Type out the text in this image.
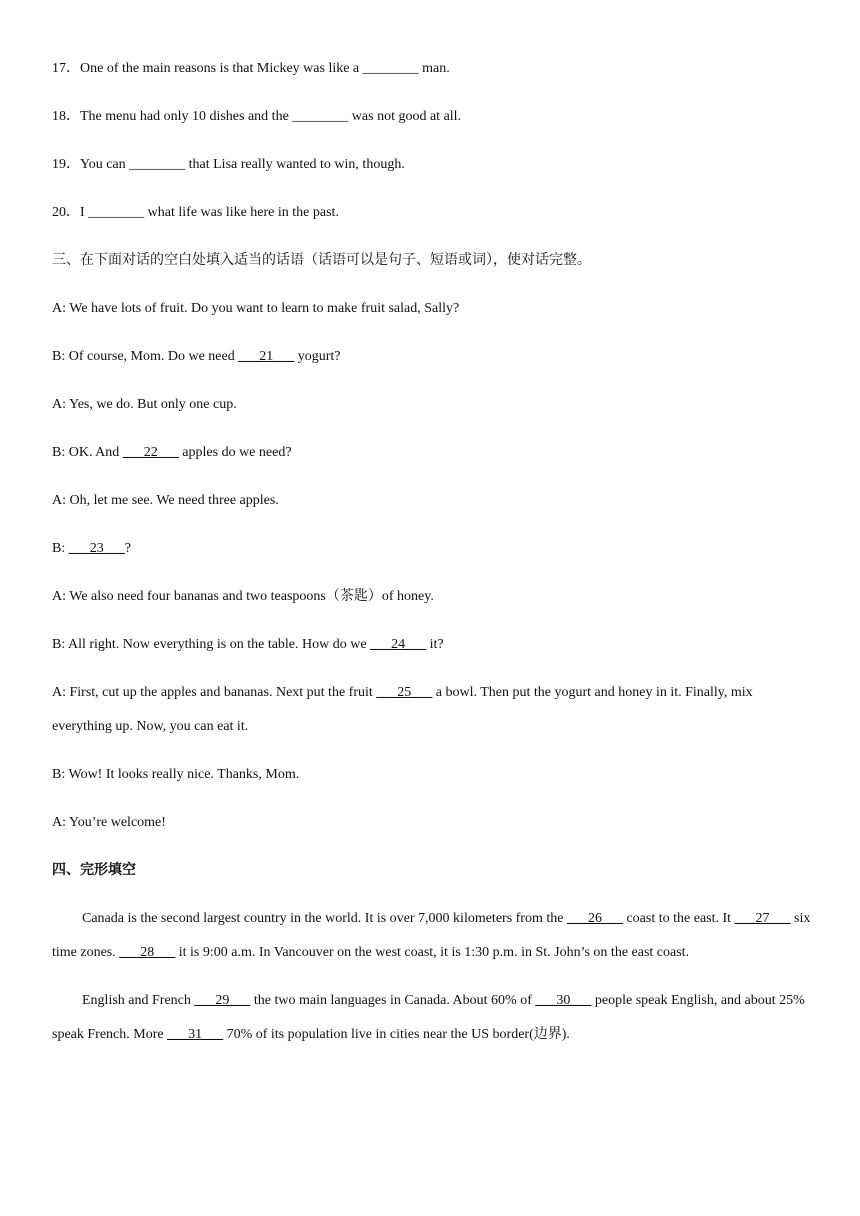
17．One of the main reasons is that Mickey was like a ________ man.
18．The menu had only 10 dishes and the ________ was not good at all.
19．You can ________ that Lisa really wanted to win, though.
20．I ________ what life was like here in the past.
三、在下面对话的空白处填入适当的话语（话语可以是句子、短语或词），使对话完整。
A: We have lots of fruit. Do you want to learn to make fruit salad, Sally?
B: Of course, Mom. Do we need ___21___ yogurt?
A: Yes, we do. But only one cup.
B: OK. And ___22___ apples do we need?
A: Oh, let me see. We need three apples.
B: ___23___?
A: We also need four bananas and two teaspoons（茶匙）of honey.
B: All right. Now everything is on the table. How do we ___24___ it?
A: First, cut up the apples and bananas. Next put the fruit ___25___ a bowl. Then put the yogurt and honey in it. Finally, mix everything up. Now, you can eat it.
B: Wow! It looks really nice. Thanks, Mom.
A: You’re welcome!
四、完形填空
Canada is the second largest country in the world. It is over 7,000 kilometers from the ___26___ coast to the east. It ___27___ six time zones. ___28___ it is 9:00 a.m. In Vancouver on the west coast, it is 1:30 p.m. in St. John’s on the east coast.
English and French ___29___ the two main languages in Canada. About 60% of ___30___ people speak English, and about 25% speak French. More ___31___ 70% of its population live in cities near the US border(边界).
